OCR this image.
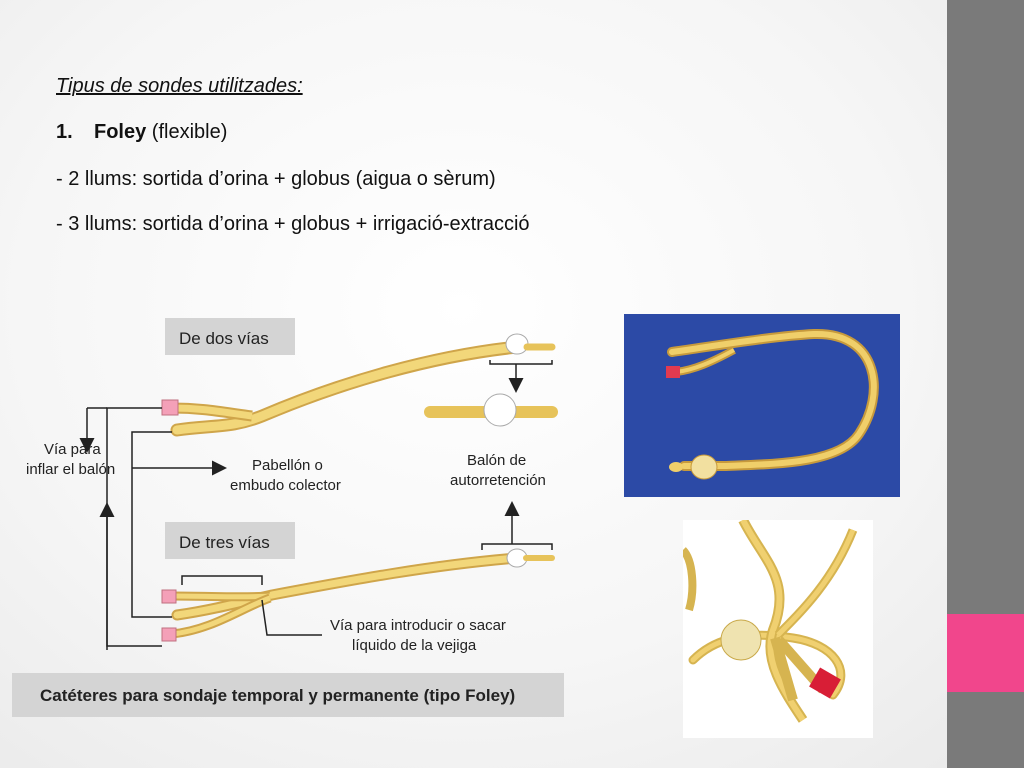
Tipus de sondes utilitzades:
1. Foley (flexible)
- 2 llums: sortida d’orina + globus (aigua o sèrum)
- 3 llums: sortida d’orina + globus + irrigació-extracció
De dos vías
De tres vías
Vía para
inflar el balón	Pabellón o
embudo colector
Balón de
autorretención
Vía para introducir o sacar
líquido de la vejiga
Catéteres para sondaje temporal y permanente (tipo Foley)
